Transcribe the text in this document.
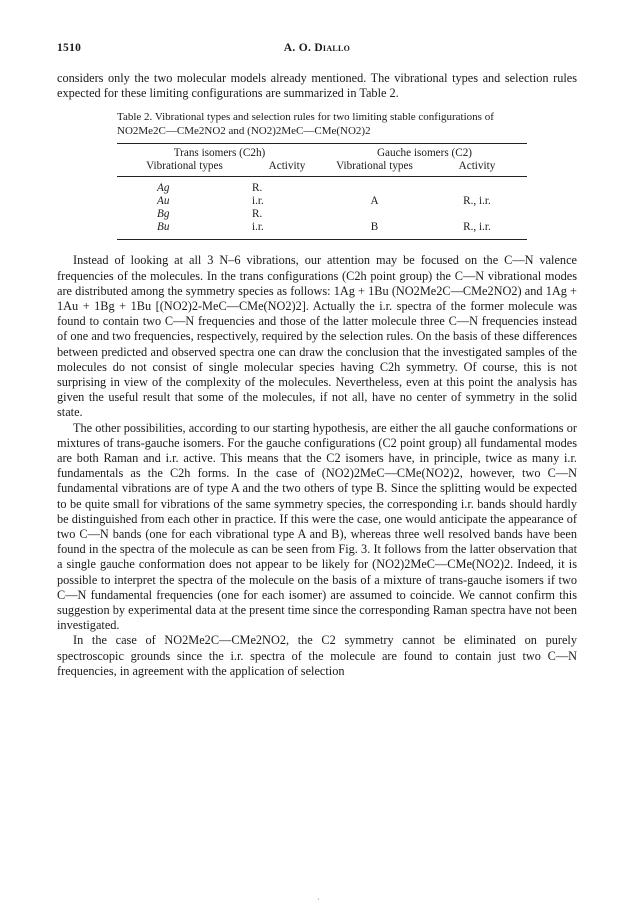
1510	A. O. Diallo

considers only the two molecular models already mentioned. The vibrational types and selection rules expected for these limiting configurations are summarized in Table 2.

Table 2. Vibrational types and selection rules for two limiting stable configurations of NO2Me2C—CMe2NO2 and (NO2)2MeC—CMe(NO2)2
Trans isomers (C2h)		Gauche isomers (C2)	
Vibrational types	Activity	Vibrational types	Activity
Ag	R.		
Au	i.r.	A	R., i.r.
Bg	R.		
Bu	i.r.	B	R., i.r.

Instead of looking at all 3 N–6 vibrations, our attention may be focused on the C—N valence frequencies of the molecules. In the trans configurations (C2h point group) the C—N vibrational modes are distributed among the symmetry species as follows: 1Ag + 1Bu (NO2Me2C—CMe2NO2) and 1Ag + 1Au + 1Bg + 1Bu [(NO2)2-MeC—CMe(NO2)2]. Actually the i.r. spectra of the former molecule was found to contain two C—N frequencies and those of the latter molecule three C—N frequencies instead of one and two frequencies, respectively, required by the selection rules. On the basis of these differences between predicted and observed spectra one can draw the conclusion that the investigated samples of the molecules do not consist of single molecular species having C2h symmetry. Of course, this is not surprising in view of the complexity of the molecules. Nevertheless, even at this point the analysis has given the useful result that some of the molecules, if not all, have no center of symmetry in the solid state.

The other possibilities, according to our starting hypothesis, are either the all gauche conformations or mixtures of trans-gauche isomers. For the gauche configurations (C2 point group) all fundamental modes are both Raman and i.r. active. This means that the C2 isomers have, in principle, twice as many i.r. fundamentals as the C2h forms. In the case of (NO2)2MeC—CMe(NO2)2, however, two C—N fundamental vibrations are of type A and the two others of type B. Since the splitting would be expected to be quite small for vibrations of the same symmetry species, the corresponding i.r. bands should hardly be distinguished from each other in practice. If this were the case, one would anticipate the appearance of two C—N bands (one for each vibrational type A and B), whereas three well resolved bands have been found in the spectra of the molecule as can be seen from Fig. 3. It follows from the latter observation that a single gauche conformation does not appear to be likely for (NO2)2MeC—CMe(NO2)2. Indeed, it is possible to interpret the spectra of the molecule on the basis of a mixture of trans-gauche isomers if two C—N fundamental frequencies (one for each isomer) are assumed to coincide. We cannot confirm this suggestion by experimental data at the present time since the corresponding Raman spectra have not been investigated.

In the case of NO2Me2C—CMe2NO2, the C2 symmetry cannot be eliminated on purely spectroscopic grounds since the i.r. spectra of the molecule are found to contain just two C—N frequencies, in agreement with the application of selection

·
